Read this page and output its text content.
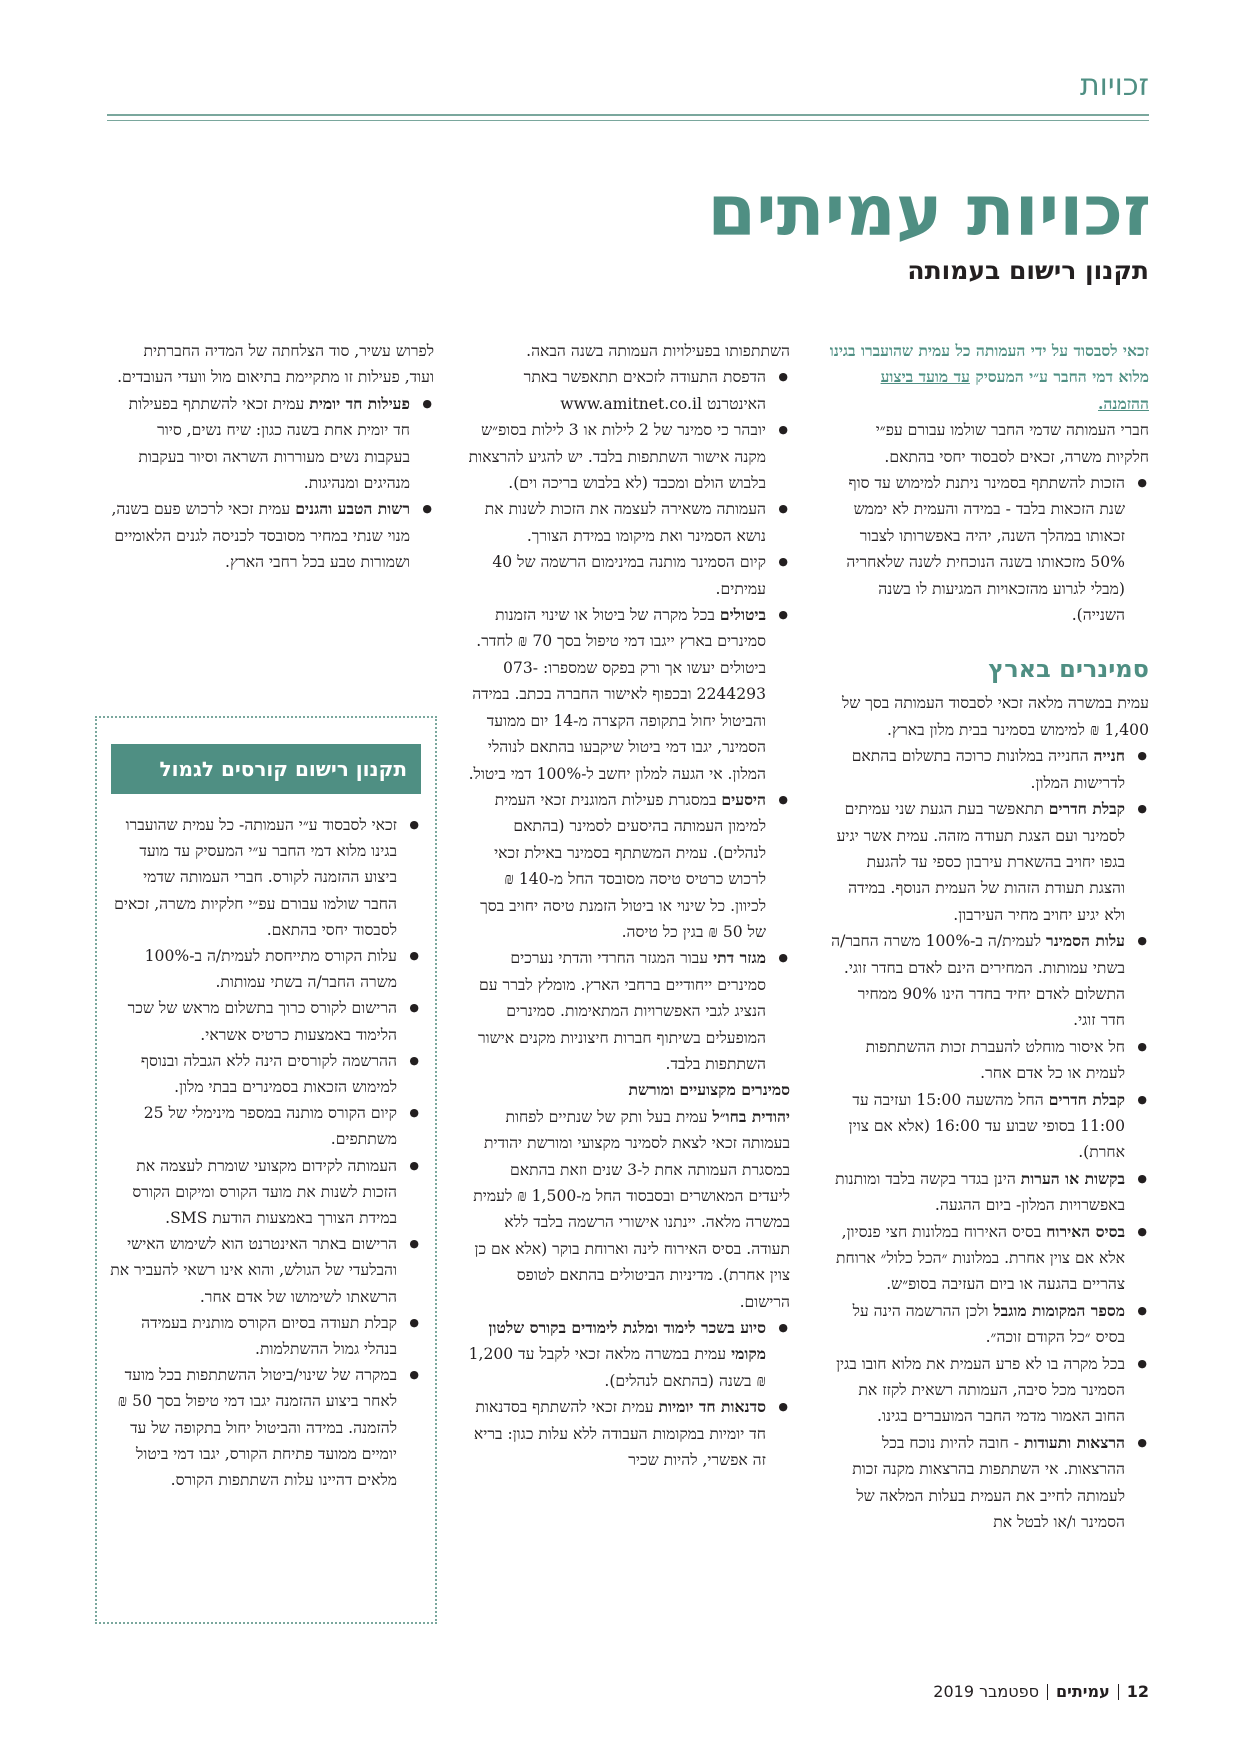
זכויות
זכויות עמיתים
תקנון רישום בעמותה

זכאי לסבסוד על ידי העמותה כל עמית שהועברו בגינו מלוא דמי החבר ע״י המעסיק עד מועד ביצוע ההזמנה.

חברי העמותה שדמי החבר שולמו עבורם עפ״י חלקיות משרה, זכאים לסבסוד יחסי בהתאם.

● הזכות להשתתף בסמינר ניתנת למימוש עד סוף שנת הזכאות בלבד - במידה והעמית לא יממש זכאותו במהלך השנה, יהיה באפשרותו לצבור 50% מזכאותו בשנה הנוכחית לשנה שלאחריה (מבלי לגרוע מהזכאויות המגיעות לו בשנה השנייה).
סמינרים בארץ

עמית במשרה מלאה זכאי לסבסוד העמותה בסך של 1,400 ₪ למימוש בסמינר בבית מלון בארץ.

● חנייה החנייה במלונות כרוכה בתשלום בהתאם לדרישות המלון.
● קבלת חדרים תתאפשר בעת הגעת שני עמיתים לסמינר ועם הצגת תעודה מזהה. עמית אשר יגיע בגפו יחויב בהשארת עירבון כספי עד להגעת והצגת תעודת הזהות של העמית הנוסף. במידה ולא יגיע יחויב מחיר העירבון.
● עלות הסמינר לעמית/ה ב-100% משרה החבר/ה בשתי עמותות. המחירים הינם לאדם בחדר זוגי. התשלום לאדם יחיד בחדר הינו 90% ממחיר חדר זוגי.
● חל איסור מוחלט להעברת זכות ההשתתפות לעמית או כל אדם אחר.
● קבלת חדרים החל מהשעה 15:00 ועזיבה עד 11:00 בסופי שבוע עד 16:00 (אלא אם צוין אחרת).
● בקשות או הערות הינן בגדר בקשה בלבד ומותנות באפשרויות המלון- ביום ההגעה.
● בסיס האירוח בסיס האירוח במלונות חצי פנסיון, אלא אם צוין אחרת. במלונות ״הכל כלול״ ארוחת צהריים בהגעה או ביום העזיבה בסופ״ש.
● מספר המקומות מוגבל ולכן ההרשמה הינה על בסיס ״כל הקודם זוכה״.
● בכל מקרה בו לא פרע העמית את מלוא חובו בגין הסמינר מכל סיבה, העמותה רשאית לקזז את החוב האמור מדמי החבר המועברים בגינו.
● הרצאות ותעודות - חובה להיות נוכח בכל ההרצאות. אי השתתפות בהרצאות מקנה זכות לעמותה לחייב את העמית בעלות המלאה של הסמינר ו/או לבטל את

השתתפותו בפעילויות העמותה בשנה הבאה.

● הדפסת התעודה לזכאים תתאפשר באתר האינטרנט www.amitnet.co.il
● יובהר כי סמינר של 2 לילות או 3 לילות בסופ״ש מקנה אישור השתתפות בלבד. יש להגיע להרצאות בלבוש הולם ומכבד (לא בלבוש בריכה וים).
● העמותה משאירה לעצמה את הזכות לשנות את נושא הסמינר ואת מיקומו במידת הצורך.
● קיום הסמינר מותנה במינימום הרשמה של 40 עמיתים.
● ביטולים בכל מקרה של ביטול או שינוי הזמנות סמינרים בארץ ייגבו דמי טיפול בסך 70 ₪ לחדר. ביטולים יעשו אך ורק בפקס שמספרו: 073-2244293 ובכפוף לאישור החברה בכתב. במידה והביטול יחול בתקופה הקצרה מ-14 יום ממועד הסמינר, יגבו דמי ביטול שיקבעו בהתאם לנוהלי המלון. אי הגעה למלון יחשב ל-100% דמי ביטול.
● היסעים במסגרת פעילות המוגנית זכאי העמית למימון העמותה בהיסעים לסמינר (בהתאם לנהלים). עמית המשתתף בסמינר באילת זכאי לרכוש כרטיס טיסה מסובסד החל מ-140 ₪ לכיוון. כל שינוי או ביטול הזמנת טיסה יחויב בסך של 50 ₪ בגין כל טיסה.
● מגזר דתי עבור המגזר החרדי והדתי נערכים סמינרים ייחודיים ברחבי הארץ. מומלץ לברר עם הנציג לגבי האפשרויות המתאימות. סמינרים המופעלים בשיתוף חברות חיצוניות מקנים אישור השתתפות בלבד.

סמינרים מקצועיים ומורשת

יהודית בחו״ל עמית בעל ותק של שנתיים לפחות בעמותה זכאי לצאת לסמינר מקצועי ומורשת יהודית במסגרת העמותה אחת ל-3 שנים וזאת בהתאם ליעדים המאושרים ובסבסוד החל מ-1,500 ₪ לעמית במשרה מלאה. יינתנו אישורי הרשמה בלבד ללא תעודה. בסיס האירוח לינה וארוחת בוקר (אלא אם כן צוין אחרת). מדיניות הביטולים בהתאם לטופס הרישום.

● סיוע בשכר לימוד ומלגת לימודים בקורס שלטון מקומי עמית במשרה מלאה זכאי לקבל עד 1,200 ₪ בשנה (בהתאם לנהלים).
● סדנאות חד יומיות עמית זכאי להשתתף בסדנאות חד יומיות במקומות העבודה ללא עלות כגון: בריא זה אפשרי, להיות שכיר

לפרוש עשיר, סוד הצלחתה של המדיה החברתית ועוד, פעילות זו מתקיימת בתיאום מול וועדי העובדים.

● פעילות חד יומית עמית זכאי להשתתף בפעילות חד יומית אחת בשנה כגון: שיח נשים, סיור בעקבות נשים מעוררות השראה וסיור בעקבות מנהיגים ומנהיגות.
● רשות הטבע והגנים עמית זכאי לרכוש פעם בשנה, מנוי שנתי במחיר מסובסד לכניסה לגנים הלאומיים ושמורות טבע בכל רחבי הארץ.
תקנון רישום קורסים לגמול
● זכאי לסבסוד ע״י העמותה- כל עמית שהועברו בגינו מלוא דמי החבר ע״י המעסיק עד מועד ביצוע ההזמנה לקורס. חברי העמותה שדמי החבר שולמו עבורם עפ״י חלקיות משרה, זכאים לסבסוד יחסי בהתאם.
● עלות הקורס מתייחסת לעמית/ה ב-100% משרה החבר/ה בשתי עמותות.
● הרישום לקורס כרוך בתשלום מראש של שכר הלימוד באמצעות כרטיס אשראי.
● ההרשמה לקורסים הינה ללא הגבלה ובנוסף למימוש הזכאות בסמינרים בבתי מלון.
● קיום הקורס מותנה במספר מינימלי של 25 משתתפים.
● העמותה לקידום מקצועי שומרת לעצמה את הזכות לשנות את מועד הקורס ומיקום הקורס במידת הצורך באמצעות הודעת SMS.
● הרישום באתר האינטרנט הוא לשימוש האישי והבלעדי של הגולש, והוא אינו רשאי להעביר את הרשאתו לשימושו של אדם אחר.
● קבלת תעודה בסיום הקורס מותנית בעמידה בנהלי גמול ההשתלמות.
● במקרה של שינוי/ביטול ההשתתפות בכל מועד לאחר ביצוע ההזמנה יגבו דמי טיפול בסך 50 ₪ להזמנה. במידה והביטול יחול בתקופה של עד יומיים ממועד פתיחת הקורס, יגבו דמי ביטול מלאים דהיינו עלות השתתפות הקורס.
12
עמיתים
ספטמבר 2019
